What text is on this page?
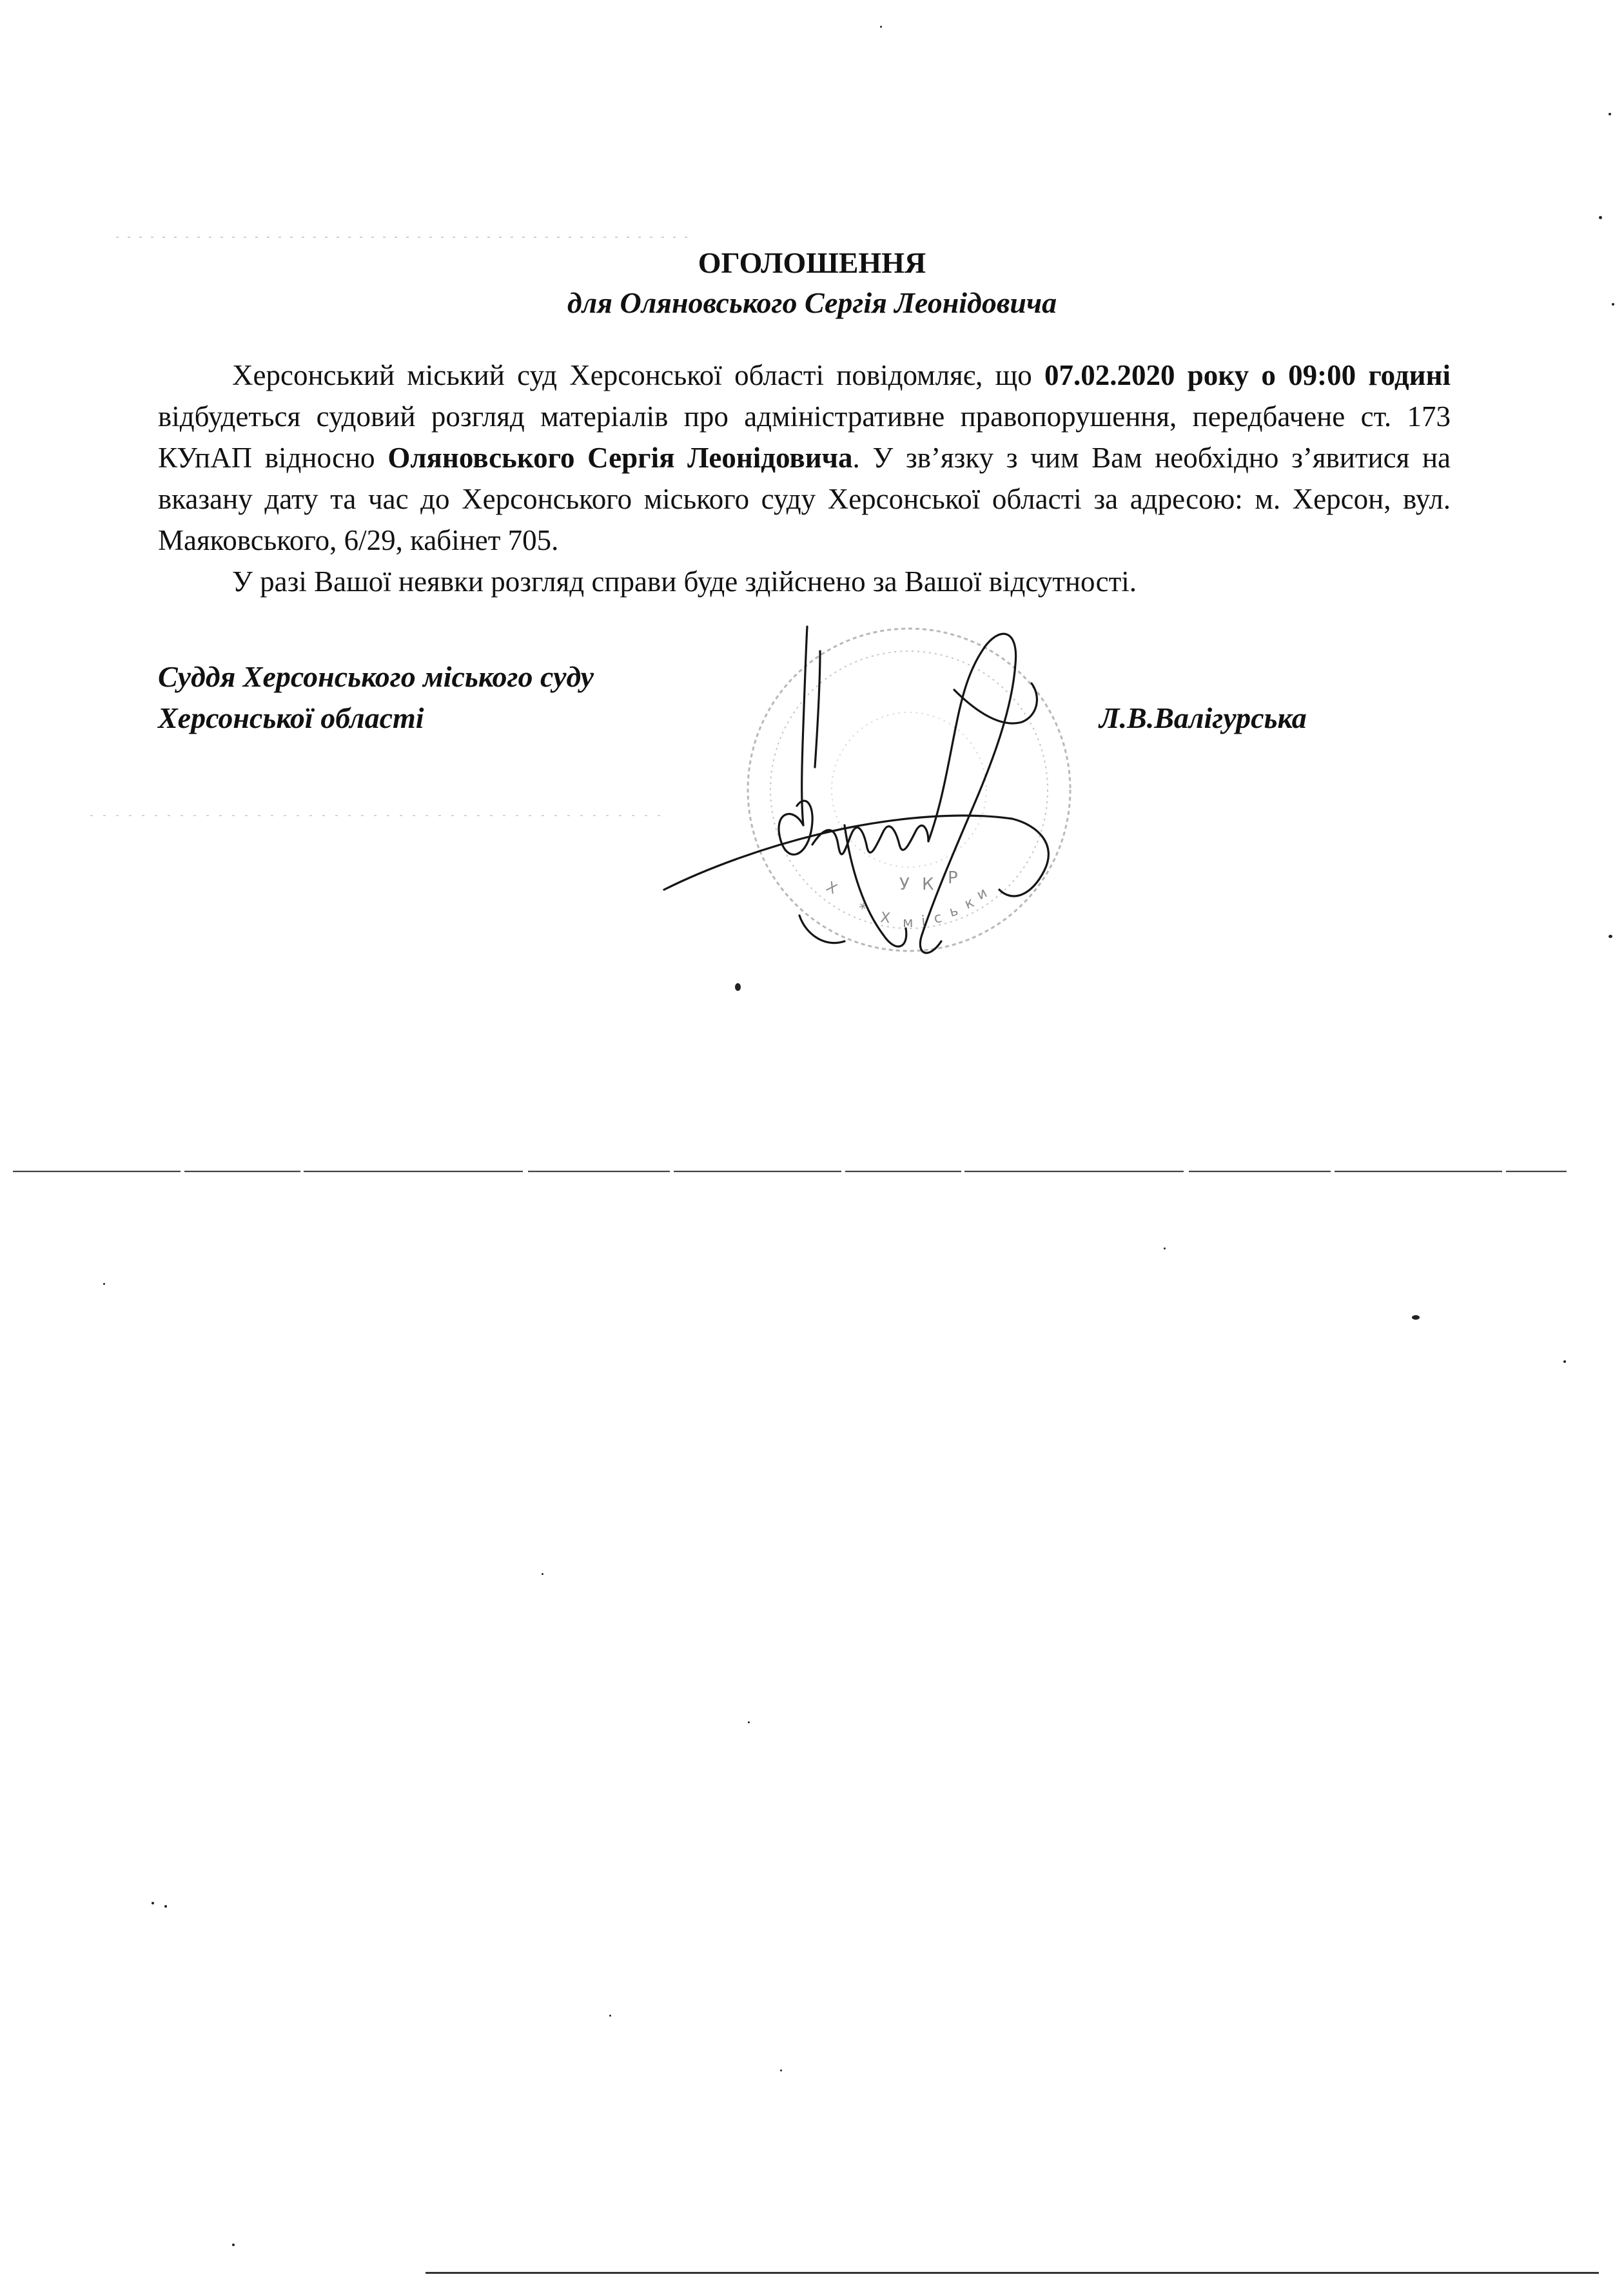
ОГОЛОШЕННЯ
для Оляновського Сергія Леонідовича

Херсонський міський суд Херсонської області повідомляє, що 07.02.2020 року о 09:00 годині відбудеться судовий розгляд матеріалів про адміністративне правопорушення, передбачене ст. 173 КУпАП відносно Оляновського Сергія Леонідовича. У зв’язку з чим Вам необхідно з’явитися на вказану дату та час до Херсонського міського суду Херсонської області за адресою: м. Херсон, вул. Маяковського, 6/29, кабінет 705.

У разі Вашої неявки розгляд справи буде здійснено за Вашої відсутності.

Суддя Херсонського міського суду
Херсонської області	Л.В.Валігурська
Х
*
Х м і с ь к
и
У К Р
